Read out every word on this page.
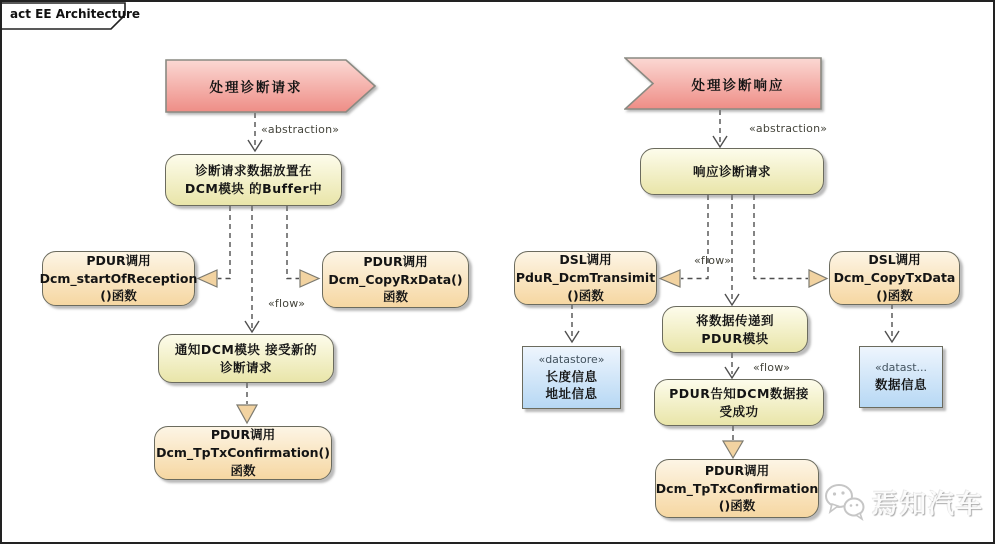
act EE Architecture
处理诊断请求	处理诊断响应
诊断请求数据放置在
DCM模块 的Buffer中
PDUR调用
Dcm_startOfReception
()函数
PDUR调用
Dcm_CopyRxData()
函数
通知DCM模块 接受新的
诊断请求
PDUR调用
Dcm_TpTxConfirmation()
函数
响应诊断请求
DSL调用
PduR_DcmTransimit
()函数
DSL调用
Dcm_CopyTxData
()函数
将数据传递到
PDUR模块
«datastore»
长度信息
地址信息
«datast...
数据信息
PDUR告知DCM数据接
受成功
PDUR调用
Dcm_TpTxConfirmation
()函数
«abstraction»
«flow»
«abstraction»
«flow»
«flow»
焉知汽车
